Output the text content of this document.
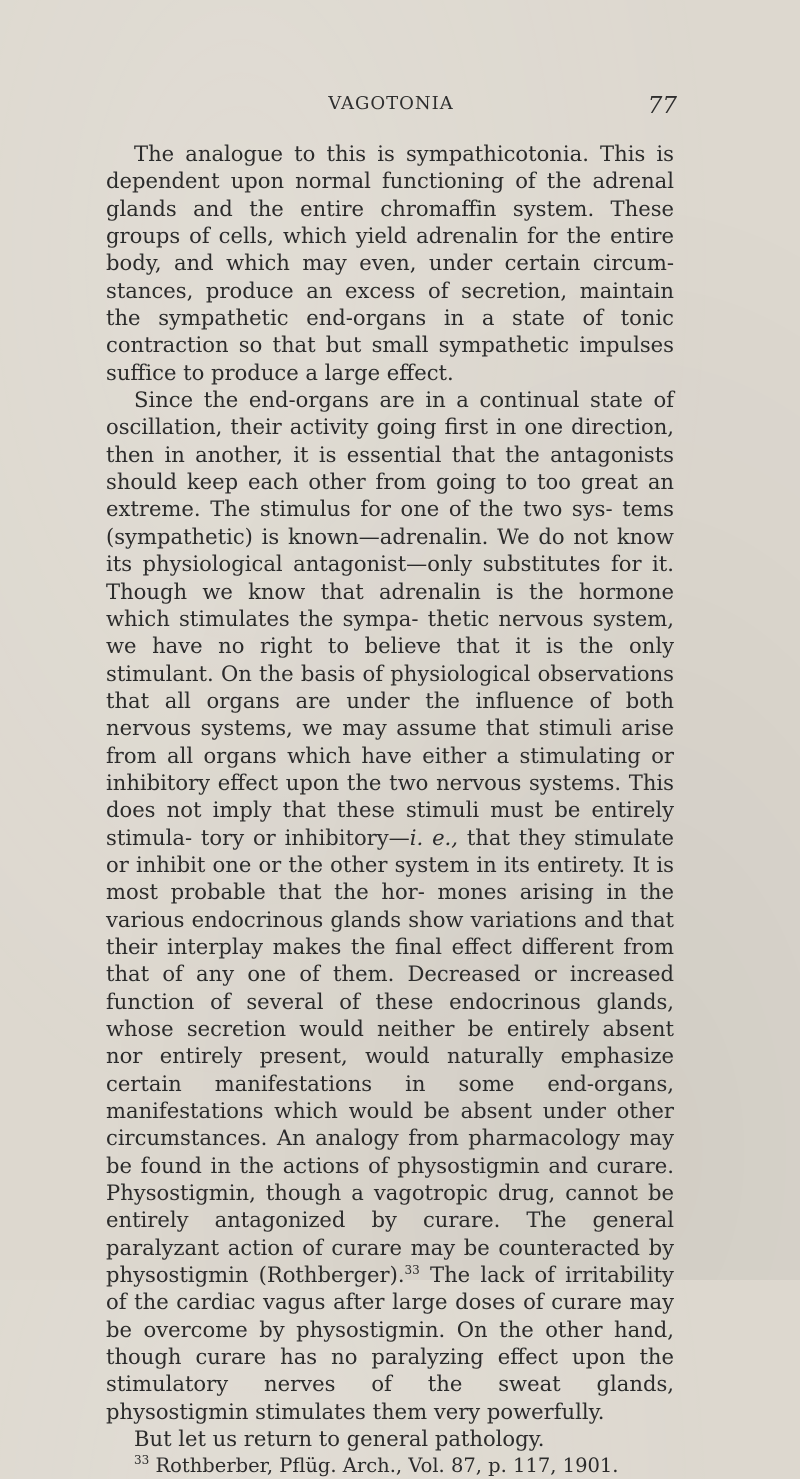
VAGOTONIA	77

The analogue to this is sympathicotonia. This is dependent upon normal functioning of the adrenal glands and the entire chromaffin system. These groups of cells, which yield adrenalin for the entire body, and which may even, under certain circum- stances, produce an excess of secretion, maintain the sympathetic end-organs in a state of tonic contraction so that but small sympathetic impulses suffice to produce a large effect.

Since the end-organs are in a continual state of oscillation, their activity going first in one direction, then in another, it is essential that the antagonists should keep each other from going to too great an extreme. The stimulus for one of the two sys- tems (sympathetic) is known—adrenalin. We do not know its physiological antagonist—only substitutes for it. Though we know that adrenalin is the hormone which stimulates the sympa- thetic nervous system, we have no right to believe that it is the only stimulant. On the basis of physiological observations that all organs are under the influence of both nervous systems, we may assume that stimuli arise from all organs which have either a stimulating or inhibitory effect upon the two nervous systems. This does not imply that these stimuli must be entirely stimula- tory or inhibitory—i. e., that they stimulate or inhibit one or the other system in its entirety. It is most probable that the hor- mones arising in the various endocrinous glands show variations and that their interplay makes the final effect different from that of any one of them. Decreased or increased function of several of these endocrinous glands, whose secretion would neither be entirely absent nor entirely present, would naturally emphasize certain manifestations in some end-organs, manifestations which would be absent under other circumstances. An analogy from pharmacology may be found in the actions of physostigmin and curare. Physostigmin, though a vagotropic drug, cannot be entirely antagonized by curare. The general paralyzant action of curare may be counteracted by physostigmin (Rothberger).$^{33}$ The lack of irritability of the cardiac vagus after large doses of curare may be overcome by physostigmin. On the other hand, though curare has no paralyzing effect upon the stimulatory nerves of the sweat glands, physostigmin stimulates them very powerfully.

But let us return to general pathology.

$^{33}$ Rothberber, Pflüg. Arch., Vol. 87, p. 117, 1901.
